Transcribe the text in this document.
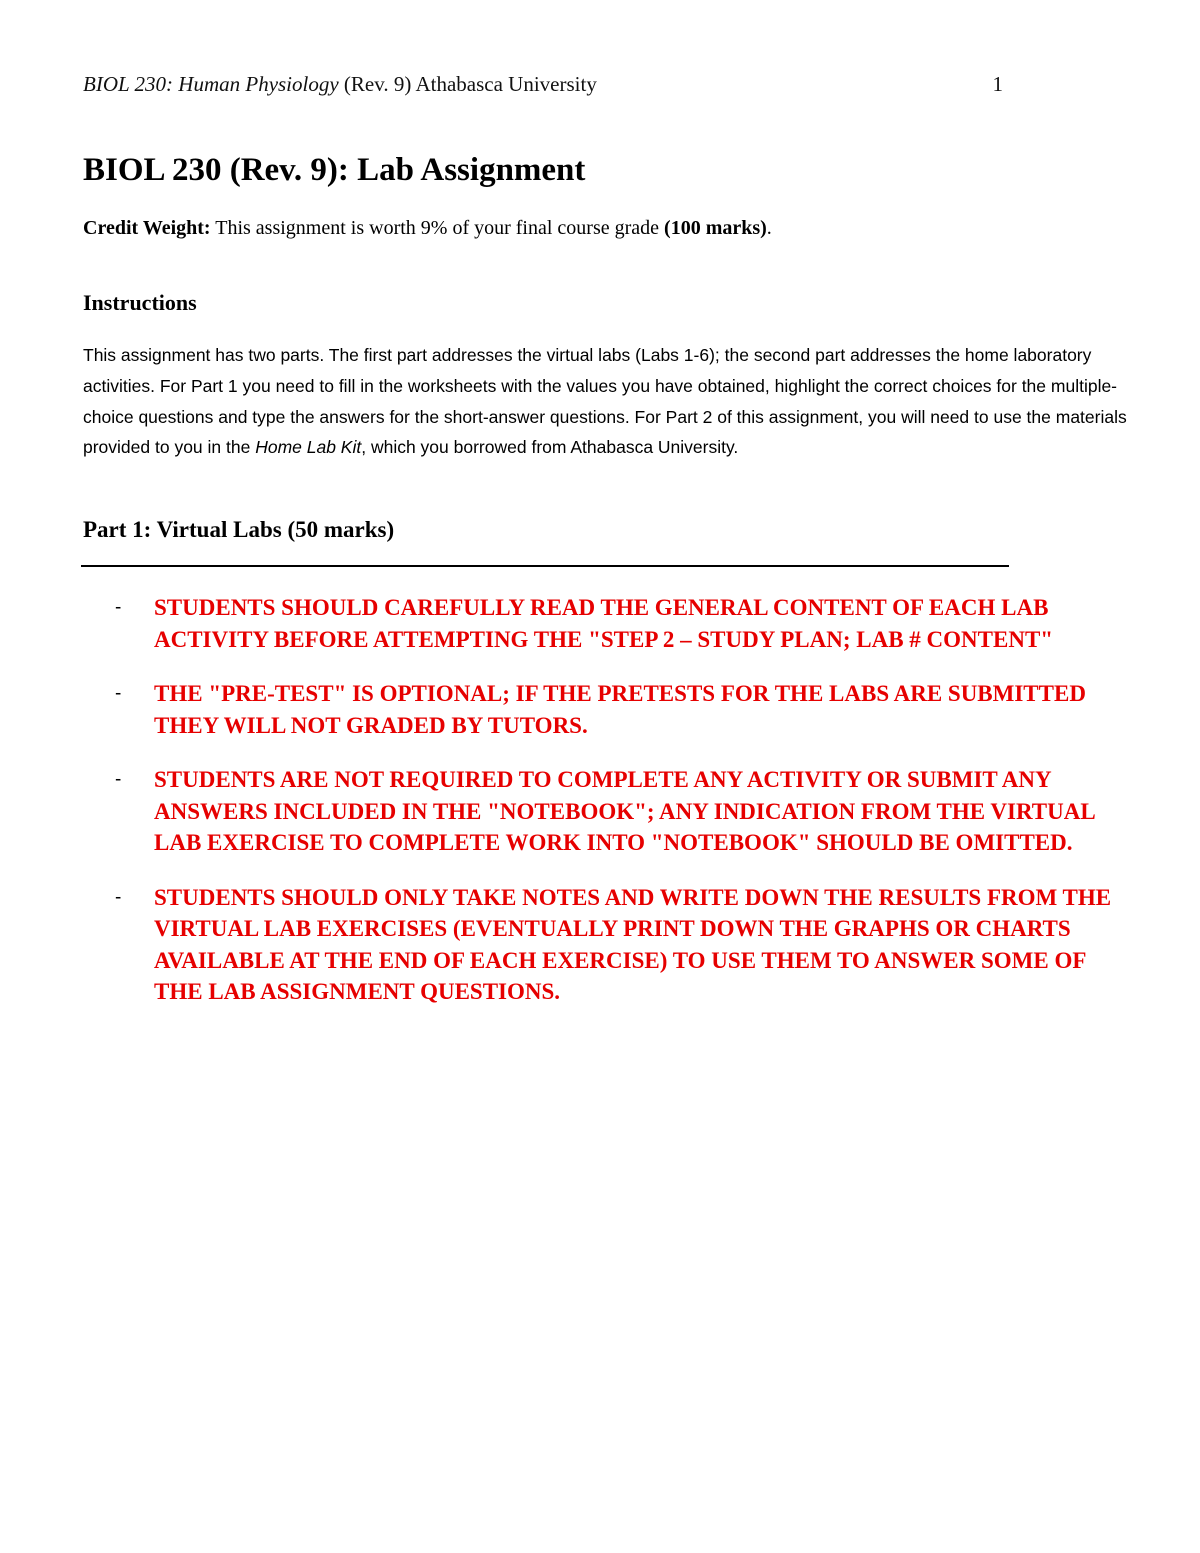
BIOL 230: Human Physiology (Rev. 9) Athabasca University	1
BIOL 230 (Rev. 9): Lab Assignment

Credit Weight: This assignment is worth 9% of your final course grade (100 marks).

Instructions

This assignment has two parts. The first part addresses the virtual labs (Labs 1-6); the second part addresses the home laboratory activities. For Part 1 you need to fill in the worksheets with the values you have obtained, highlight the correct choices for the multiple-choice questions and type the answers for the short-answer questions. For Part 2 of this assignment, you will need to use the materials provided to you in the Home Lab Kit, which you borrowed from Athabasca University.

Part 1: Virtual Labs (50 marks)
- STUDENTS SHOULD CAREFULLY READ THE GENERAL CONTENT OF EACH LAB ACTIVITY BEFORE ATTEMPTING THE "STEP 2 – STUDY PLAN; LAB # CONTENT"
- THE "PRE-TEST" IS OPTIONAL; IF THE PRETESTS FOR THE LABS ARE SUBMITTED THEY WILL NOT GRADED BY TUTORS.
- STUDENTS ARE NOT REQUIRED TO COMPLETE ANY ACTIVITY OR SUBMIT ANY ANSWERS INCLUDED IN THE "NOTEBOOK"; ANY INDICATION FROM THE VIRTUAL LAB EXERCISE TO COMPLETE WORK INTO "NOTEBOOK" SHOULD BE OMITTED.
- STUDENTS SHOULD ONLY TAKE NOTES AND WRITE DOWN THE RESULTS FROM THE VIRTUAL LAB EXERCISES (EVENTUALLY PRINT DOWN THE GRAPHS OR CHARTS AVAILABLE AT THE END OF EACH EXERCISE) TO USE THEM TO ANSWER SOME OF THE LAB ASSIGNMENT QUESTIONS.
